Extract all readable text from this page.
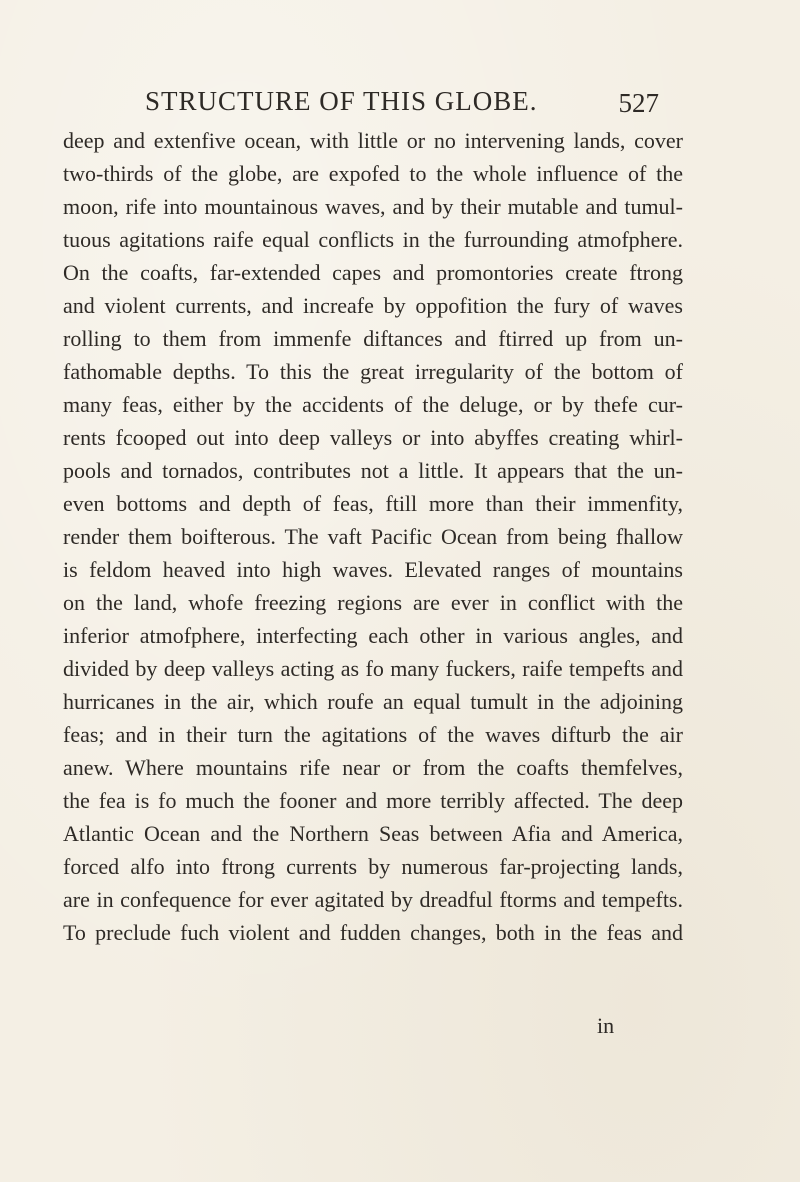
STRUCTURE OF THIS GLOBE.	527
deep and extenfive ocean, with little or no intervening lands, cover
two-thirds of the globe, are expofed to the whole influence of the
moon, rife into mountainous waves, and by their mutable and tumul-
tuous agitations raife equal conflicts in the furrounding atmofphere.
On the coafts, far-extended capes and promontories create ftrong
and violent currents, and increafe by oppofition the fury of waves
rolling to them from immenfe diftances and ftirred up from un-
fathomable depths. To this the great irregularity of the bottom of
many feas, either by the accidents of the deluge, or by thefe cur-
rents fcooped out into deep valleys or into abyffes creating whirl-
pools and tornados, contributes not a little. It appears that the un-
even bottoms and depth of feas, ftill more than their immenfity,
render them boifterous. The vaft Pacific Ocean from being fhallow
is feldom heaved into high waves. Elevated ranges of mountains
on the land, whofe freezing regions are ever in conflict with the
inferior atmofphere, interfecting each other in various angles, and
divided by deep valleys acting as fo many fuckers, raife tempefts and
hurricanes in the air, which roufe an equal tumult in the adjoining
feas; and in their turn the agitations of the waves difturb the air
anew. Where mountains rife near or from the coafts themfelves,
the fea is fo much the fooner and more terribly affected. The deep
Atlantic Ocean and the Northern Seas between Afia and America,
forced alfo into ftrong currents by numerous far-projecting lands,
are in confequence for ever agitated by dreadful ftorms and tempefts.
To preclude fuch violent and fudden changes, both in the feas and
in
